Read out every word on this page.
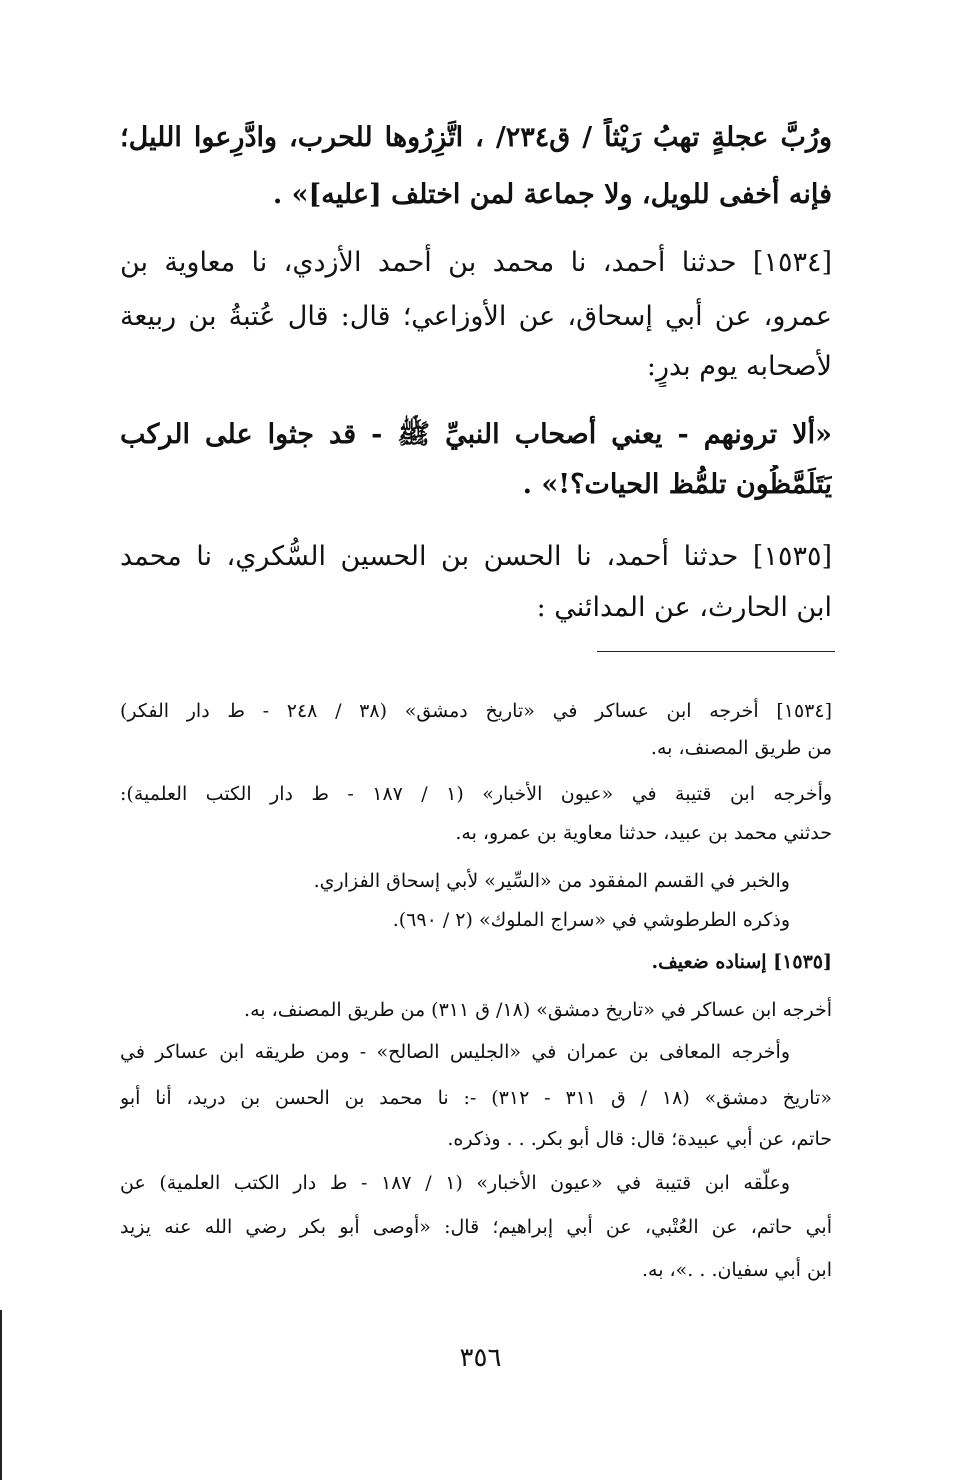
ورُبَّ عجلةٍ تهبُ رَيْثاً / ق٢٣٤/ ، اتَّزِرُوها للحرب، وادَّرِعوا الليل؛
فإنه أخفى للويل، ولا جماعة لمن اختلف [عليه]» .
[١٥٣٤] حدثنا أحمد، نا محمد بن أحمد الأزدي، نا معاوية بن
عمرو، عن أبي إسحاق، عن الأوزاعي؛ قال: قال عُتبةُ بن ربيعة
لأصحابه يوم بدرٍ:
«ألا ترونهم - يعني أصحاب النبيِّ ﷺ - قد جثوا على الركب
يَتَلَمَّظُون تلمُّظ الحيات؟!» .
[١٥٣٥] حدثنا أحمد، نا الحسن بن الحسين السُّكري، نا محمد
ابن الحارث، عن المدائني :
[١٥٣٤] أخرجه ابن عساكر في «تاريخ دمشق» (٣٨ / ٢٤٨ - ط دار الفكر)
من طريق المصنف، به.
وأخرجه ابن قتيبة في «عيون الأخبار» (١ / ١٨٧ - ط دار الكتب العلمية):
حدثني محمد بن عبيد، حدثنا معاوية بن عمرو، به.
والخبر في القسم المفقود من «السِّير» لأبي إسحاق الفزاري.
وذكره الطرطوشي في «سراج الملوك» (٢ / ٦٩٠).
[١٥٣٥] إسناده ضعيف.
أخرجه ابن عساكر في «تاريخ دمشق» (١٨/ ق ٣١١) من طريق المصنف، به.
وأخرجه المعافى بن عمران في «الجليس الصالح» - ومن طريقه ابن عساكر في
«تاريخ دمشق» (١٨ / ق ٣١١ - ٣١٢) -: نا محمد بن الحسن بن دريد، أنا أبو
حاتم، عن أبي عبيدة؛ قال: قال أبو بكر. . . وذكره.
وعلَّقه ابن قتيبة في «عيون الأخبار» (١ / ١٨٧ - ط دار الكتب العلمية) عن
أبي حاتم، عن العُتْبي، عن أبي إبراهيم؛ قال: «أوصى أبو بكر رضي الله عنه يزيد
ابن أبي سفيان. . .»، به.
٣٥٦
